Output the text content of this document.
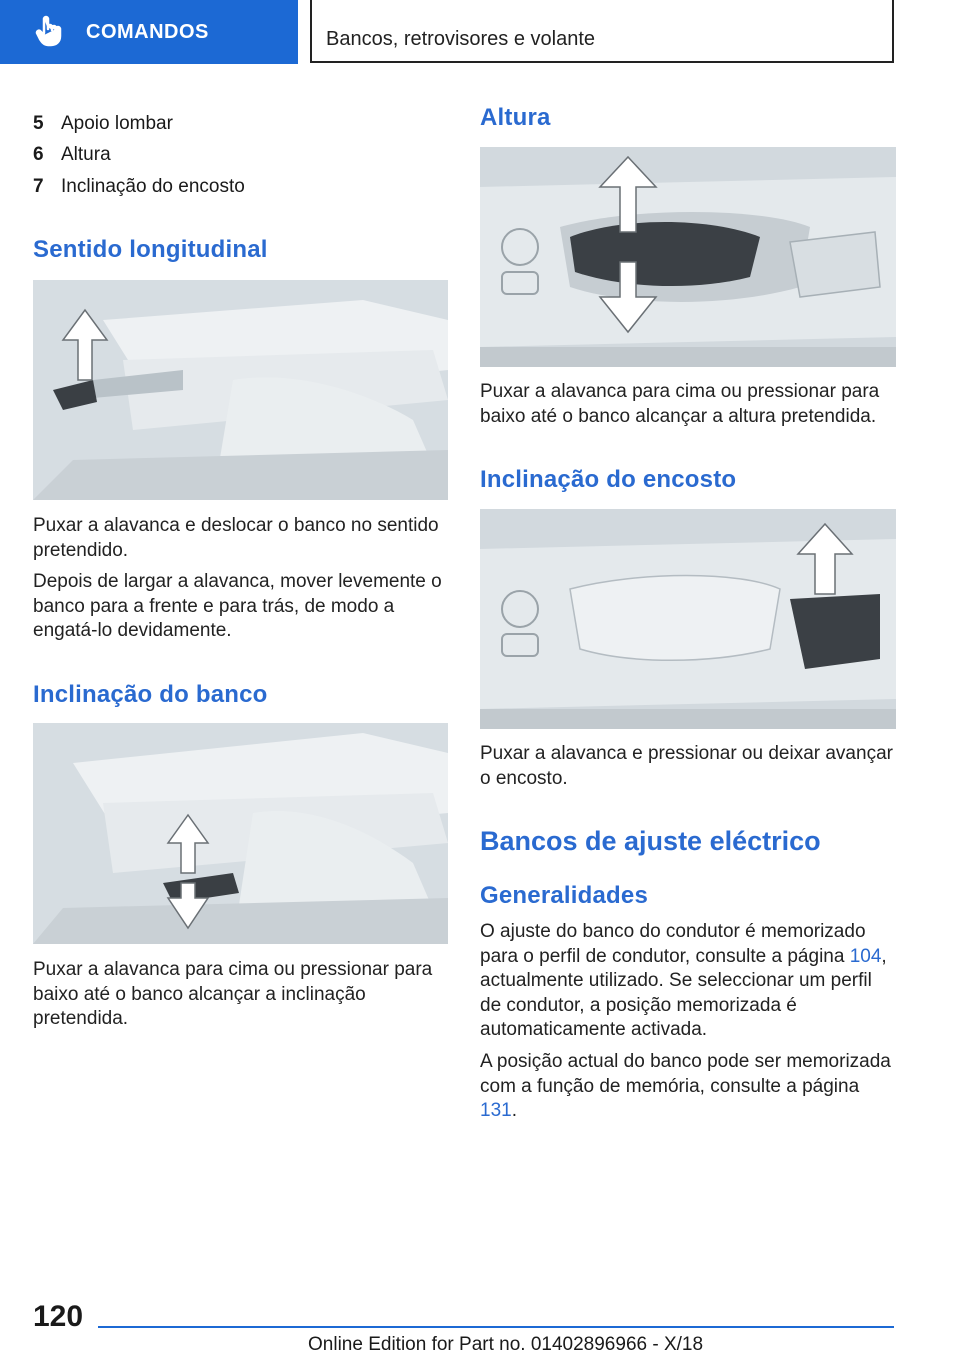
COMANDOS	Bancos, retrovisores e volante
5 Apoio lombar
6 Altura
7 Inclinação do encosto
Sentido longitudinal

Puxar a alavanca e deslocar o banco no sentido pretendido.

Depois de largar a alavanca, mover levemente o banco para a frente e para trás, de modo a engatá-lo devidamente.

Inclinação do banco

Puxar a alavanca para cima ou pressionar para baixo até o banco alcançar a inclinação pretendida.

Altura

Puxar a alavanca para cima ou pressionar para baixo até o banco alcançar a altura pretendida.

Inclinação do encosto

Puxar a alavanca e pressionar ou deixar avançar o encosto.

Bancos de ajuste eléctrico
Generalidades

O ajuste do banco do condutor é memorizado para o perfil de condutor, consulte a página 104, actualmente utilizado. Se seleccionar um perfil de condutor, a posição memorizada é automaticamente activada.

A posição actual do banco pode ser memorizada com a função de memória, consulte a página 131.

120
Online Edition for Part no. 01402896966 - X/18
